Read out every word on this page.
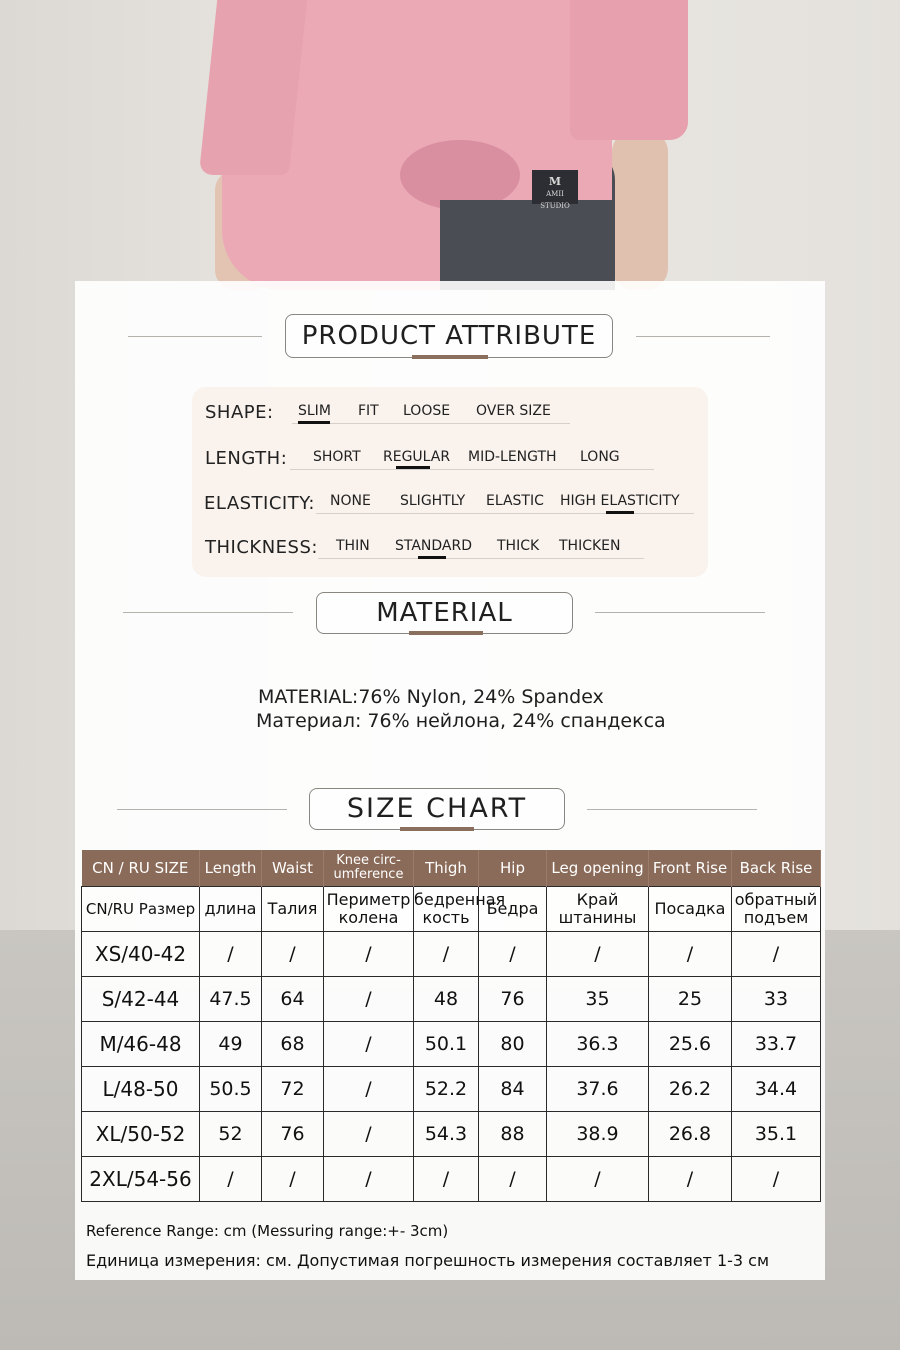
M
AMII STUDIO
PRODUCT ATTRIBUTE
SHAPE: SLIM FIT LOOSE OVER SIZE
LENGTH: SHORT REGULAR MID-LENGTH LONG
ELASTICITY: NONE SLIGHTLY ELASTIC HIGH ELASTICITY
THICKNESS: THIN STANDARD THICK THICKEN
MATERIAL
MATERIAL:76% Nylon, 24% Spandex
Материал: 76% нейлона, 24% спандекса
SIZE CHART
CN / RU SIZE	Length	Waist	Knee circ-umference	Thigh	Hip	Leg opening	Front Rise	Back Rise
CN/RU Размер	длина	Талия	Периметр колена	бедренная кость	Бедра	Край штанины	Посадка	обратный подъем
XS/40-42	/	/	/	/	/	/	/	/
S/42-44	47.5	64	/	48	76	35	25	33
M/46-48	49	68	/	50.1	80	36.3	25.6	33.7
L/48-50	50.5	72	/	52.2	84	37.6	26.2	34.4
XL/50-52	52	76	/	54.3	88	38.9	26.8	35.1
2XL/54-56	/	/	/	/	/	/	/	/
Reference Range: cm (Messuring range:+- 3cm)
Единица измерения: см. Допустимая погрешность измерения составляет 1-3 см
